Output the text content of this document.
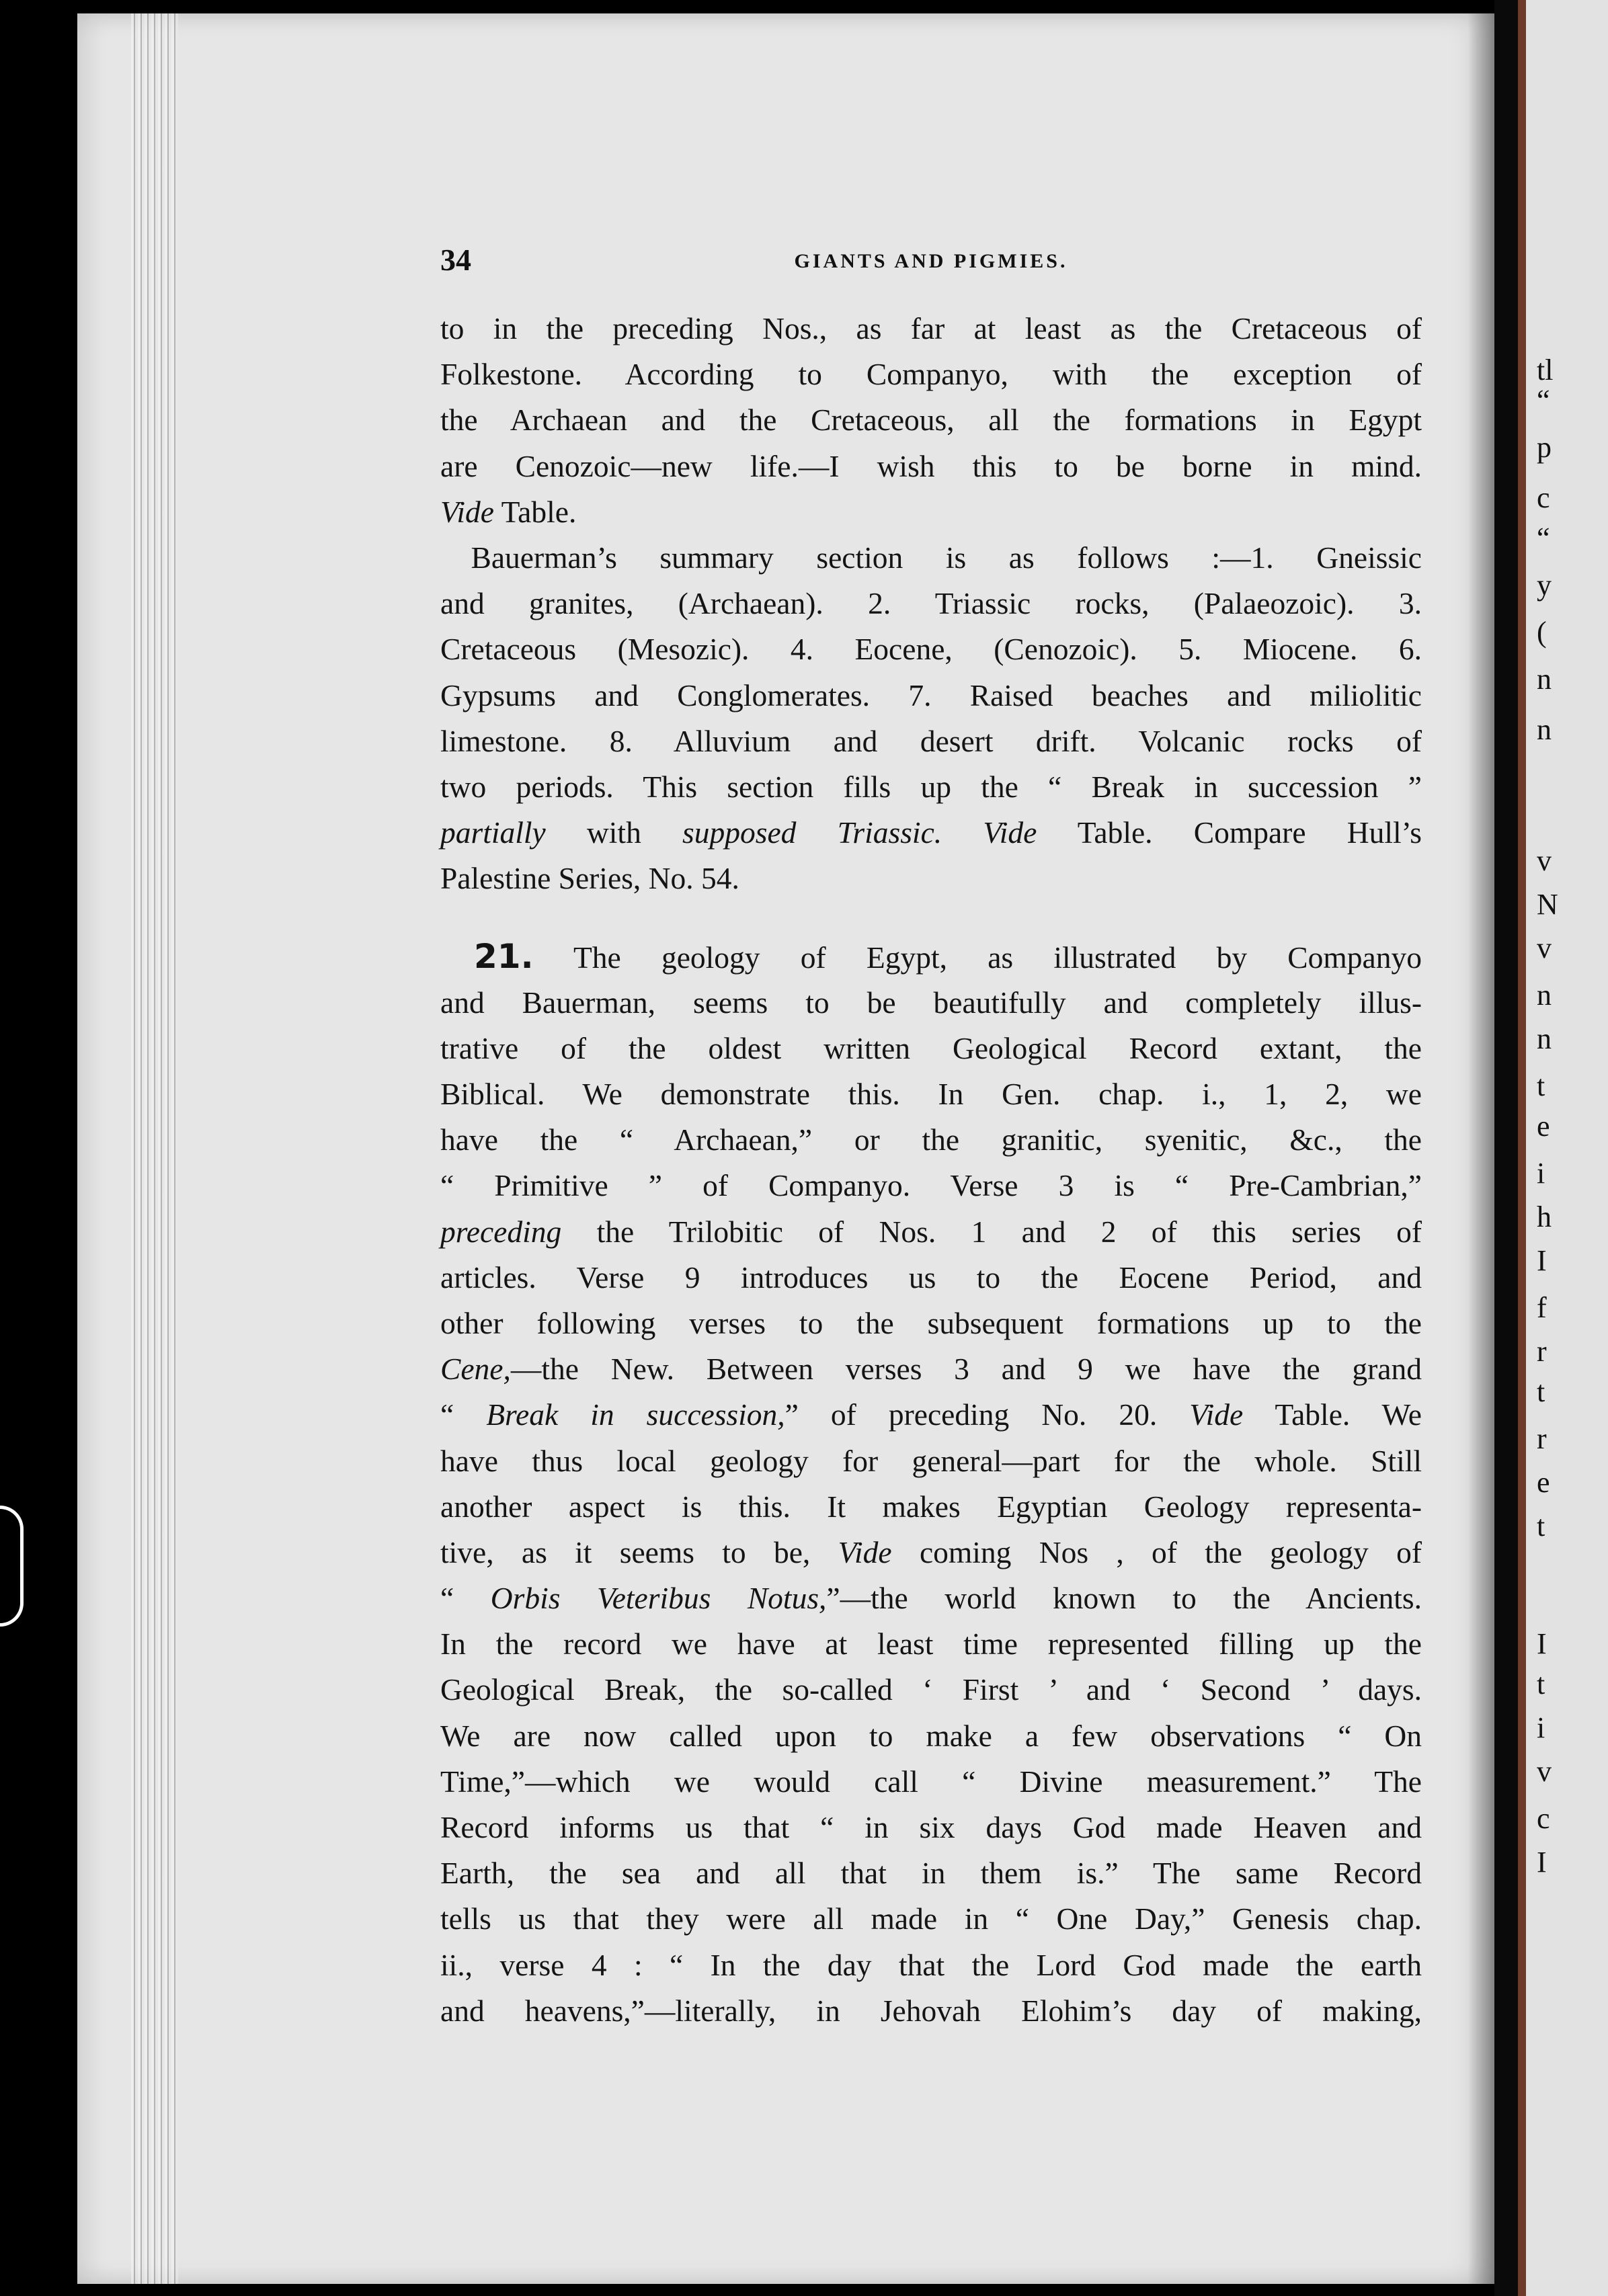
tl
“
p
c
“
y
(
n
n
v
N
v
n
n
t
e
i
h
I
f
r
t
r
e
t
I
t
i
v
c
I
34	GIANTS AND PIGMIES.
to in the preceding Nos., as far at least as the Cretaceous of
Folkestone. According to Companyo, with the exception of
the Archaean and the Cretaceous, all the formations in Egypt
are Cenozoic—new life.—I wish this to be borne in mind.
Vide Table.
 Bauerman’s summary section is as follows :—1. Gneissic
and granites, (Archaean). 2. Triassic rocks, (Palaeozoic). 3.
Cretaceous (Mesozic). 4. Eocene, (Cenozoic). 5. Miocene. 6.
Gypsums and Conglomerates. 7. Raised beaches and miliolitic
limestone. 8. Alluvium and desert drift. Volcanic rocks of
two periods. This section fills up the “ Break in succession ”
partially with supposed Triassic. Vide Table. Compare Hull’s
Palestine Series, No. 54.
 21. The geology of Egypt, as illustrated by Companyo
and Bauerman, seems to be beautifully and completely illus-
trative of the oldest written Geological Record extant, the
Biblical. We demonstrate this. In Gen. chap. i., 1, 2, we
have the “ Archaean,” or the granitic, syenitic, &c., the
“ Primitive ” of Companyo. Verse 3 is “ Pre-Cambrian,”
preceding the Trilobitic of Nos. 1 and 2 of this series of
articles. Verse 9 introduces us to the Eocene Period, and
other following verses to the subsequent formations up to the
Cene,—the New. Between verses 3 and 9 we have the grand
“ Break in succession,” of preceding No. 20. Vide Table. We
have thus local geology for general—part for the whole. Still
another aspect is this. It makes Egyptian Geology representa-
tive, as it seems to be, Vide coming Nos , of the geology of
“ Orbis Veteribus Notus,”—the world known to the Ancients.
In the record we have at least time represented filling up the
Geological Break, the so-called ‘ First ’ and ‘ Second ’ days.
We are now called upon to make a few observations “ On
Time,”—which we would call “ Divine measurement.” The
Record informs us that “ in six days God made Heaven and
Earth, the sea and all that in them is.” The same Record
tells us that they were all made in “ One Day,” Genesis chap.
ii., verse 4 : “ In the day that the Lord God made the earth
and heavens,”—literally, in Jehovah Elohim’s day of making,
